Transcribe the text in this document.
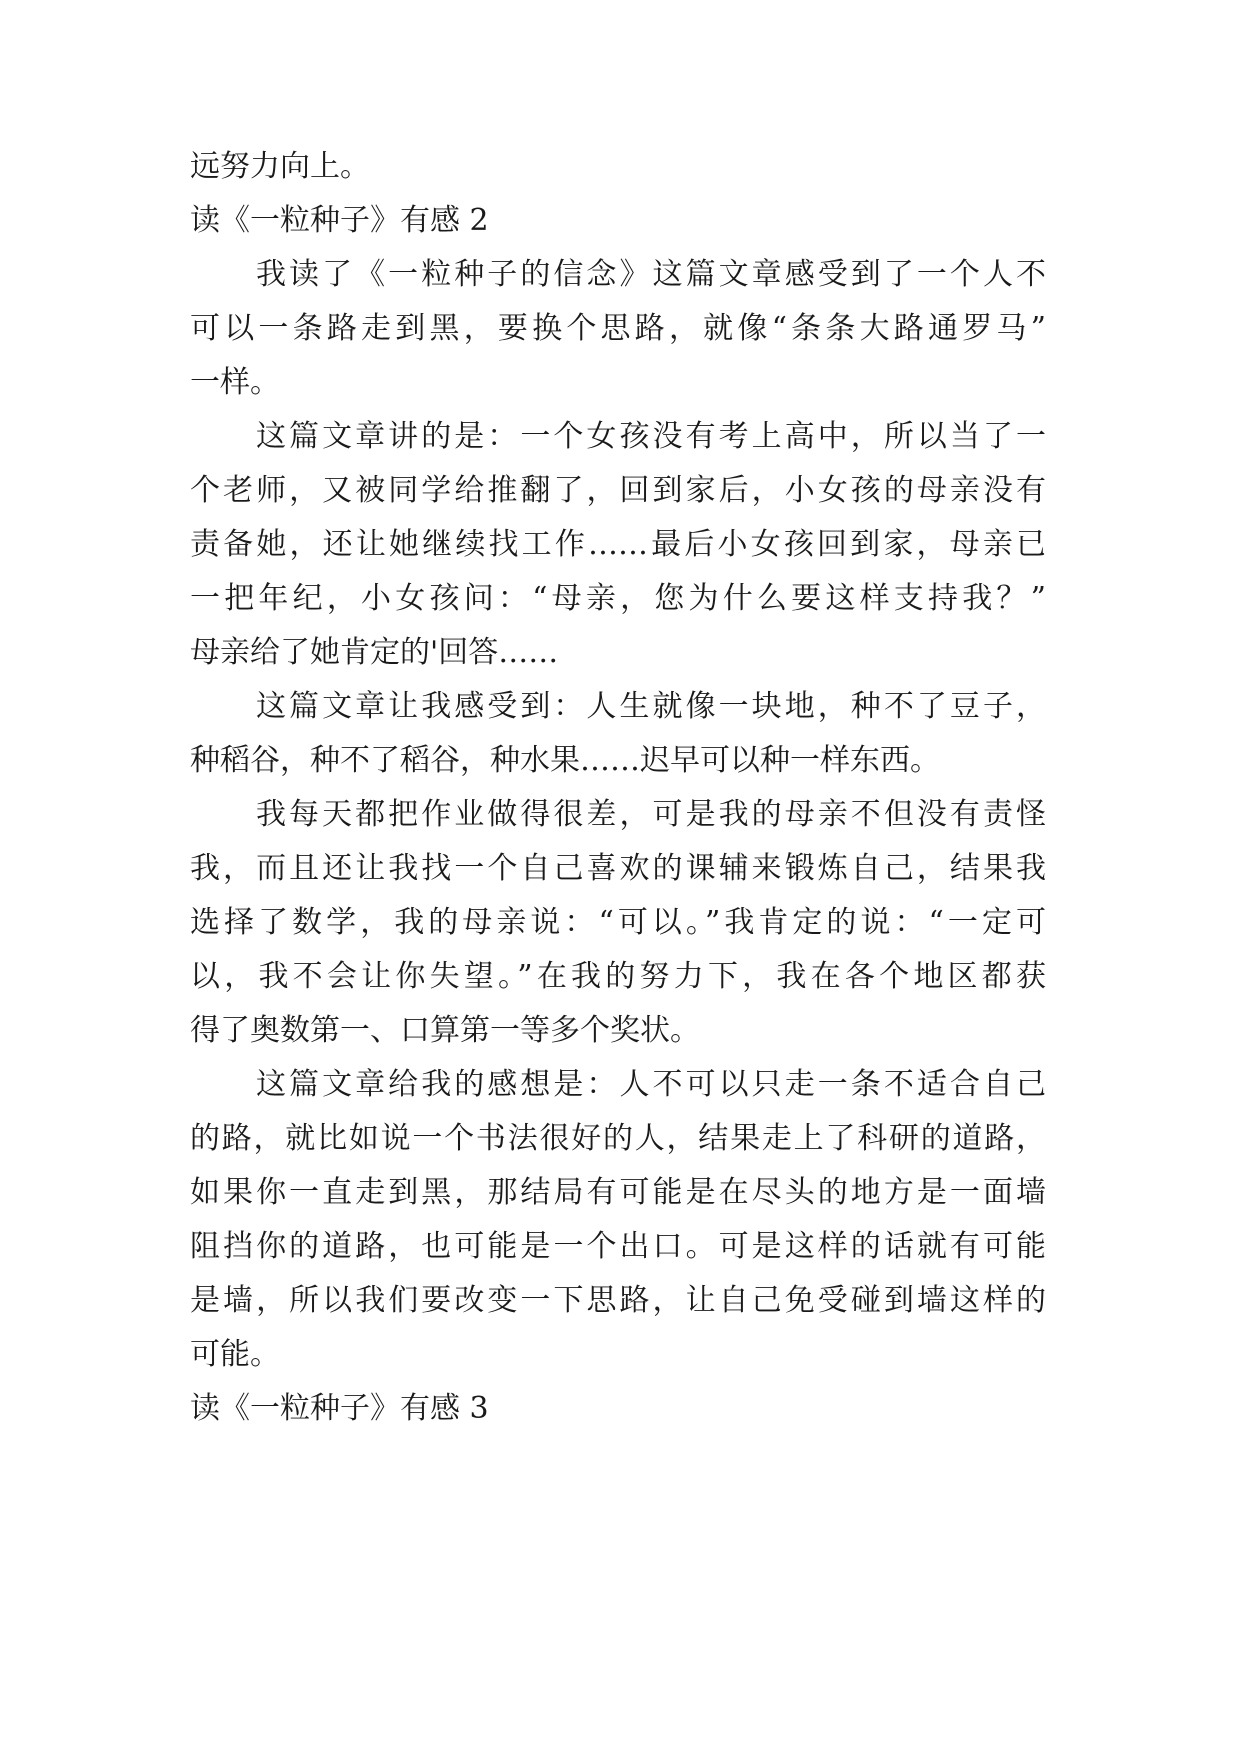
远努力向上。
读《一粒种子》有感 2
我读了《一粒种子的信念》这篇文章感受到了一个人不
可以一条路走到黑，要换个思路，就像“条条大路通罗马”
一样。
这篇文章讲的是：一个女孩没有考上高中，所以当了一
个老师，又被同学给推翻了，回到家后，小女孩的母亲没有
责备她，还让她继续找工作……最后小女孩回到家，母亲已
一把年纪，小女孩问：“母亲，您为什么要这样支持我？”
母亲给了她肯定的'回答……
这篇文章让我感受到：人生就像一块地，种不了豆子，
种稻谷，种不了稻谷，种水果……迟早可以种一样东西。
我每天都把作业做得很差，可是我的母亲不但没有责怪
我，而且还让我找一个自己喜欢的课辅来锻炼自己，结果我
选择了数学，我的母亲说：“可以。”我肯定的说：“一定可
以，我不会让你失望。”在我的努力下，我在各个地区都获
得了奥数第一、口算第一等多个奖状。
这篇文章给我的感想是：人不可以只走一条不适合自己
的路，就比如说一个书法很好的人，结果走上了科研的道路，
如果你一直走到黑，那结局有可能是在尽头的地方是一面墙
阻挡你的道路，也可能是一个出口。可是这样的话就有可能
是墙，所以我们要改变一下思路，让自己免受碰到墙这样的
可能。
读《一粒种子》有感 3
